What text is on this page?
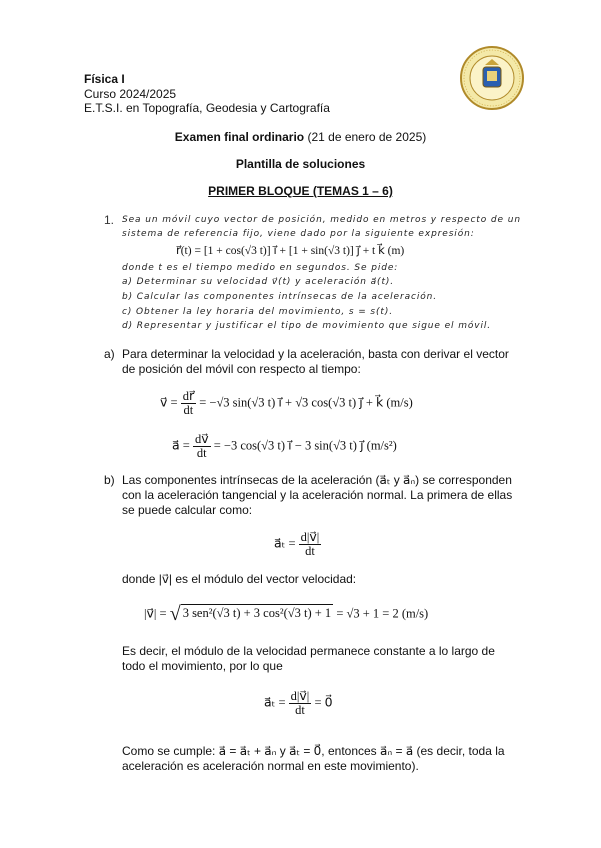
Física I
Curso 2024/2025
E.T.S.I. en Topografía, Geodesia y Cartografía
Examen final ordinario (21 de enero de 2025)
Plantilla de soluciones
PRIMER BLOQUE (TEMAS 1 – 6)
1. Sea un móvil cuyo vector de posición, medido en metros y respecto de un
sistema de referencia fijo, viene dado por la siguiente expresión:
r⃗(t) = [1 + cos(√3 t)] ı⃗ + [1 + sin(√3 t)] ȷ⃗ + t k⃗ (m)
donde t es el tiempo medido en segundos. Se pide:
a) Determinar su velocidad v⃗(t) y aceleración a⃗(t).
b) Calcular las componentes intrínsecas de la aceleración.
c) Obtener la ley horaria del movimiento, s = s(t).
d) Representar y justificar el tipo de movimiento que sigue el móvil.
a) Para determinar la velocidad y la aceleración, basta con derivar el vector
de posición del móvil con respecto al tiempo:
v⃗ = $\frac{dr⃗}{dt} = -√3$ sin(√3 t) ı⃗ + √3 cos(√3 t) ȷ⃗ + k⃗ (m/s)
a⃗ = $\frac{dv⃗}{dt} = -3$ cos(√3 t) ı⃗ − 3 sin(√3 t) ȷ⃗ (m/s²)
b) Las componentes intrínsecas de la aceleración (a⃗ₜ y a⃗ₙ) se corresponden
con la aceleración tangencial y la aceleración normal. La primera de ellas
se puede calcular como:
a⃗ₜ = $\frac{d|v⃗|}{dt}$
donde |v⃗| es el módulo del vector velocidad:
|v⃗| = √ 3 sen²(√3 t) + 3 cos²(√3 t) + 1 = √3 + 1 = 2 (m/s)
Es decir, el módulo de la velocidad permanece constante a lo largo de
todo el movimiento, por lo que
a⃗ₜ = $\frac{d|v⃗|}{dt}$ = 0⃗
Como se cumple: a⃗ = a⃗ₜ + a⃗ₙ y a⃗ₜ = 0⃗, entonces a⃗ₙ = a⃗ (es decir, toda la
aceleración es aceleración normal en este movimiento).
